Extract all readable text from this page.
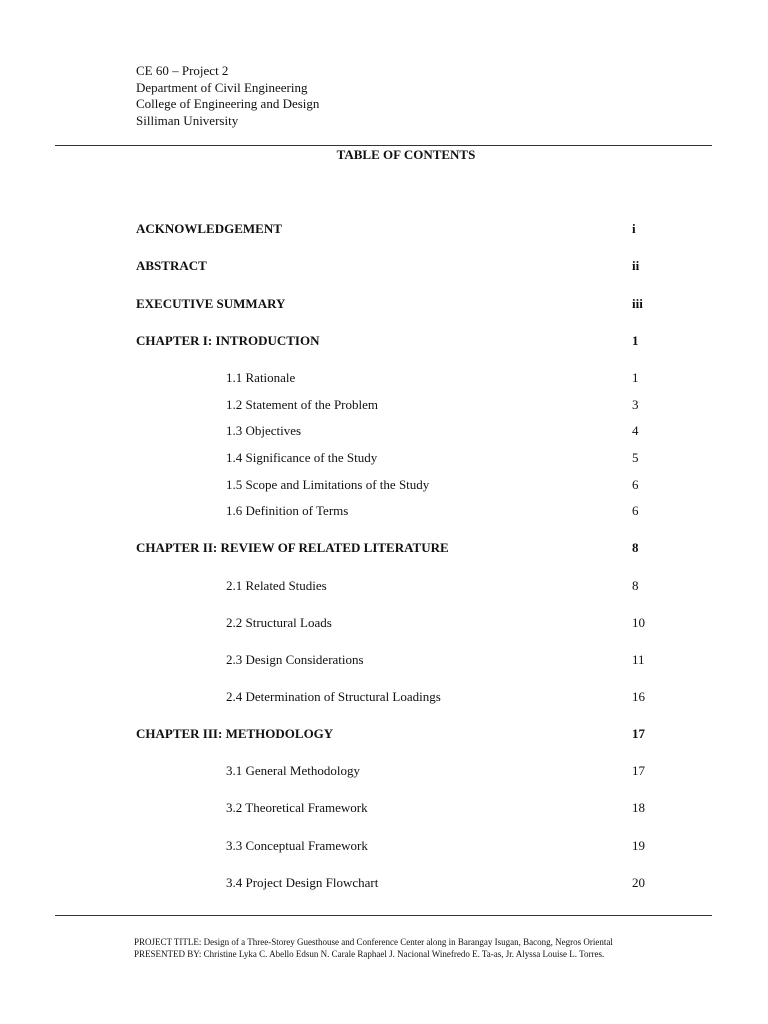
CE 60 – Project 2
Department of Civil Engineering
College of Engineering and Design
Silliman University
TABLE OF CONTENTS
ACKNOWLEDGEMENT	i
ABSTRACT	ii
EXECUTIVE SUMMARY	iii
CHAPTER I: INTRODUCTION	1
1.1 Rationale	1
1.2 Statement of the Problem	3
1.3 Objectives	4
1.4 Significance of the Study	5
1.5 Scope and Limitations of the Study	6
1.6 Definition of Terms	6
CHAPTER II: REVIEW OF RELATED LITERATURE	8
2.1 Related Studies	8
2.2 Structural Loads	10
2.3 Design Considerations	11
2.4 Determination of Structural Loadings	16
CHAPTER III: METHODOLOGY	17
3.1 General Methodology	17
3.2 Theoretical Framework	18
3.3 Conceptual Framework	19
3.4 Project Design Flowchart	20
PROJECT TITLE: Design of a Three-Storey Guesthouse and Conference Center along in Barangay Isugan, Bacong, Negros Oriental
PRESENTED BY: Christine Lyka C. Abello Edsun N. Carale Raphael J. Nacional Winefredo E. Ta-as, Jr. Alyssa Louise L. Torres.
